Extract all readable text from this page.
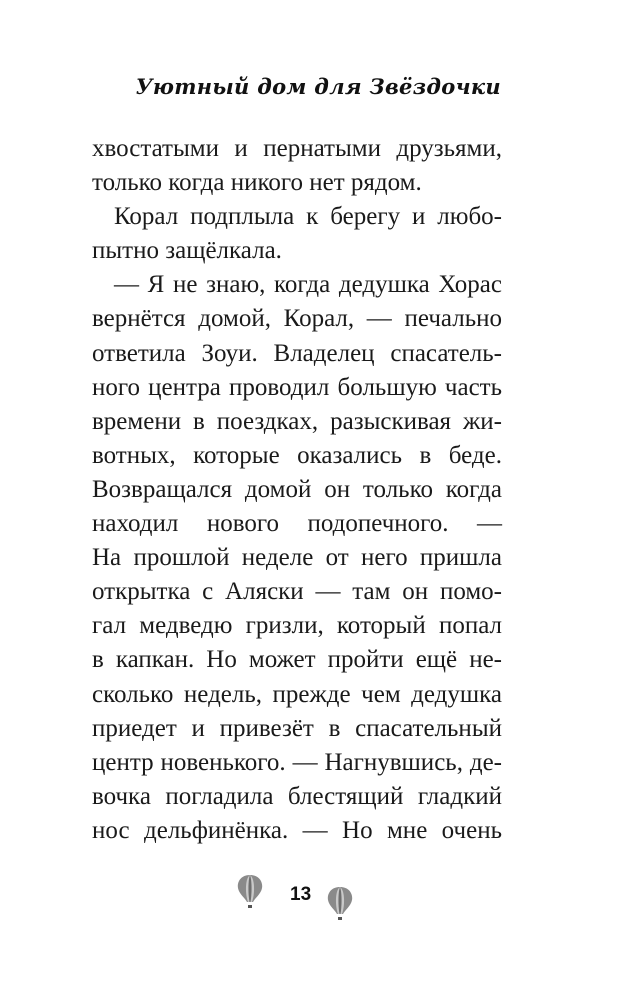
Уютный дом для Звёздочки
хвостатыми и пернатыми друзьями,
только когда никого нет рядом.
Корал подплыла к берегу и любо-
пытно защёлкала.
— Я не знаю, когда дедушка Хорас
вернётся домой, Корал, — печально
ответила Зоуи. Владелец спасатель-
ного центра проводил большую часть
времени в поездках, разыскивая жи-
вотных, которые оказались в беде.
Возвращался домой он только когда
находил нового подопечного. —
На прошлой неделе от него пришла
открытка с Аляски — там он помо-
гал медведю гризли, который попал
в капкан. Но может пройти ещё не-
сколько недель, прежде чем дедушка
приедет и привезёт в спасательный
центр новенького. — Нагнувшись, де-
вочка погладила блестящий гладкий
нос дельфинёнка. — Но мне очень
13
